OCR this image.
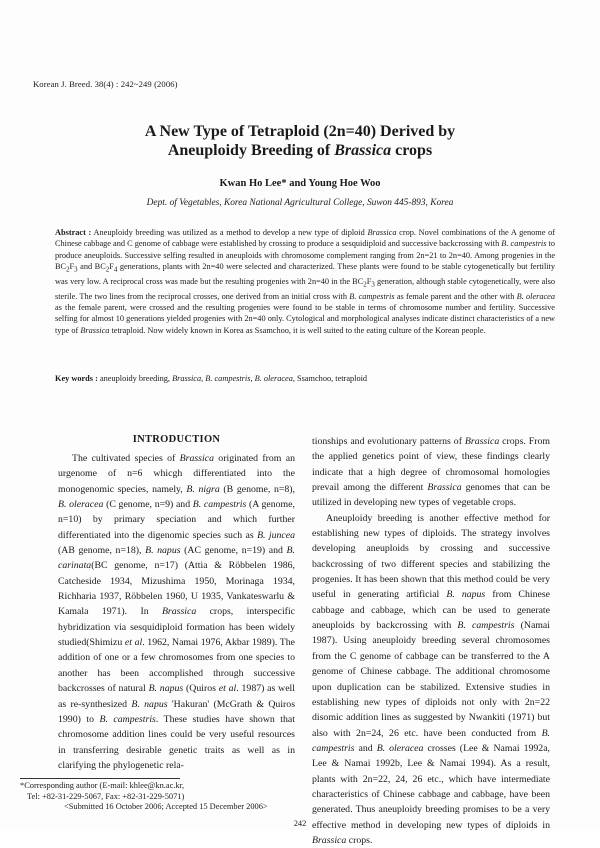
Korean J. Breed. 38(4) : 242~249 (2006)
A New Type of Tetraploid (2n=40) Derived by
Aneuploidy Breeding of Brassica crops
Kwan Ho Lee* and Young Hoe Woo
Dept. of Vegetables, Korea National Agricultural College, Suwon 445-893, Korea
Abstract : Aneuploidy breeding was utilized as a method to develop a new type of diploid Brassica crop. Novel combinations of the A genome of Chinese cabbage and C genome of cabbage were established by crossing to produce a sesquidiploid and successive backcrossing with B. campestris to produce aneuploids. Successive selfing resulted in aneuploids with chromosome complement ranging from 2n=21 to 2n=40. Among progenies in the $BC_2F_3$ and $BC_2F_4$ generations, plants with 2n=40 were selected and characterized. These plants were found to be stable cytogenetically but fertility was very low. A reciprocal cross was made but the resulting progenies with 2n=40 in the $BC_2F_3$ generation, although stable cytogenetically, were also sterile. The two lines from the reciprocal crosses, one derived from an initial cross with B. campestris as female parent and the other with B. oleracea as the female parent, were crossed and the resulting progenies were found to be stable in terms of chromosome number and fertility. Successive selfing for almost 10 generations yielded progenies with 2n=40 only. Cytological and morphological analyses indicate distinct characteristics of a new type of Brassica tetraploid. Now widely known in Korea as Ssamchoo, it is well suited to the eating culture of the Korean people.
Key words : aneuploidy breeding, Brassica, B. campestris, B. oleracea, Ssamchoo, tetraploid
INTRODUCTION

The cultivated species of Brassica originated from an urgenome of n=6 whicgh differentiated into the monogenomic species, namely, B. nigra (B genome, n=8), B. oleracea (C genome, n=9) and B. campestris (A genome, n=10) by primary speciation and which further differentiated into the digenomic species such as B. juncea (AB genome, n=18), B. napus (AC genome, n=19) and B. carinata(BC genome, n=17) (Attia & Röbbelen 1986, Catcheside 1934, Mizushima 1950, Morinaga 1934, Richharia 1937, Röbbelen 1960, U 1935, Vankateswarlu & Kamala 1971). In Brassica crops, interspecific hybridization via sesquidiploid formation has been widely studied(Shimizu et al. 1962, Namai 1976, Akbar 1989). The addition of one or a few chromosomes from one species to another has been accomplished through successive backcrosses of natural B. napus (Quiros et al. 1987) as well as re-synthesized B. napus 'Hakuran' (McGrath & Quiros 1990) to B. campestris. These studies have shown that chromosome addition lines could be very useful resources in transferring desirable genetic traits as well as in clarifying the phylogenetic rela-

tionships and evolutionary patterns of Brassica crops. From the applied genetics point of view, these findings clearly indicate that a high degree of chromosomal homologies prevail among the different Brassica genomes that can be utilized in developing new types of vegetable crops.

Aneuploidy breeding is another effective method for establishing new types of diploids. The strategy involves developing aneuploids by crossing and successive backcrossing of two different species and stabilizing the progenies. It has been shown that this method could be very useful in generating artificial B. napus from Chinese cabbage and cabbage, which can be used to generate aneuploids by backcrossing with B. campestris (Namai 1987). Using aneuploidy breeding several chromosomes from the C genome of cabbage can be transferred to the A genome of Chinese cabbage. The additional chromosome upon duplication can be stabilized. Extensive studies in establishing new types of diploids not only with 2n=22 disomic addition lines as suggested by Nwankiti (1971) but also with 2n=24, 26 etc. have been conducted from B. campestris and B. oleracea crosses (Lee & Namai 1992a, Lee & Namai 1992b, Lee & Namai 1994). As a result, plants with 2n=22, 24, 26 etc., which have intermediate characteristics of Chinese cabbage and cabbage, have been generated. Thus aneuploidy breeding promises to be a very effective method in developing new types of diploids in Brassica crops.

*Corresponding author (E-mail: khlee@kn.ac.kr,
Tel: +82-31-229-5067, Fax: +82-31-229-5071)
<Submitted 16 October 2006; Accepted 15 December 2006>
242
